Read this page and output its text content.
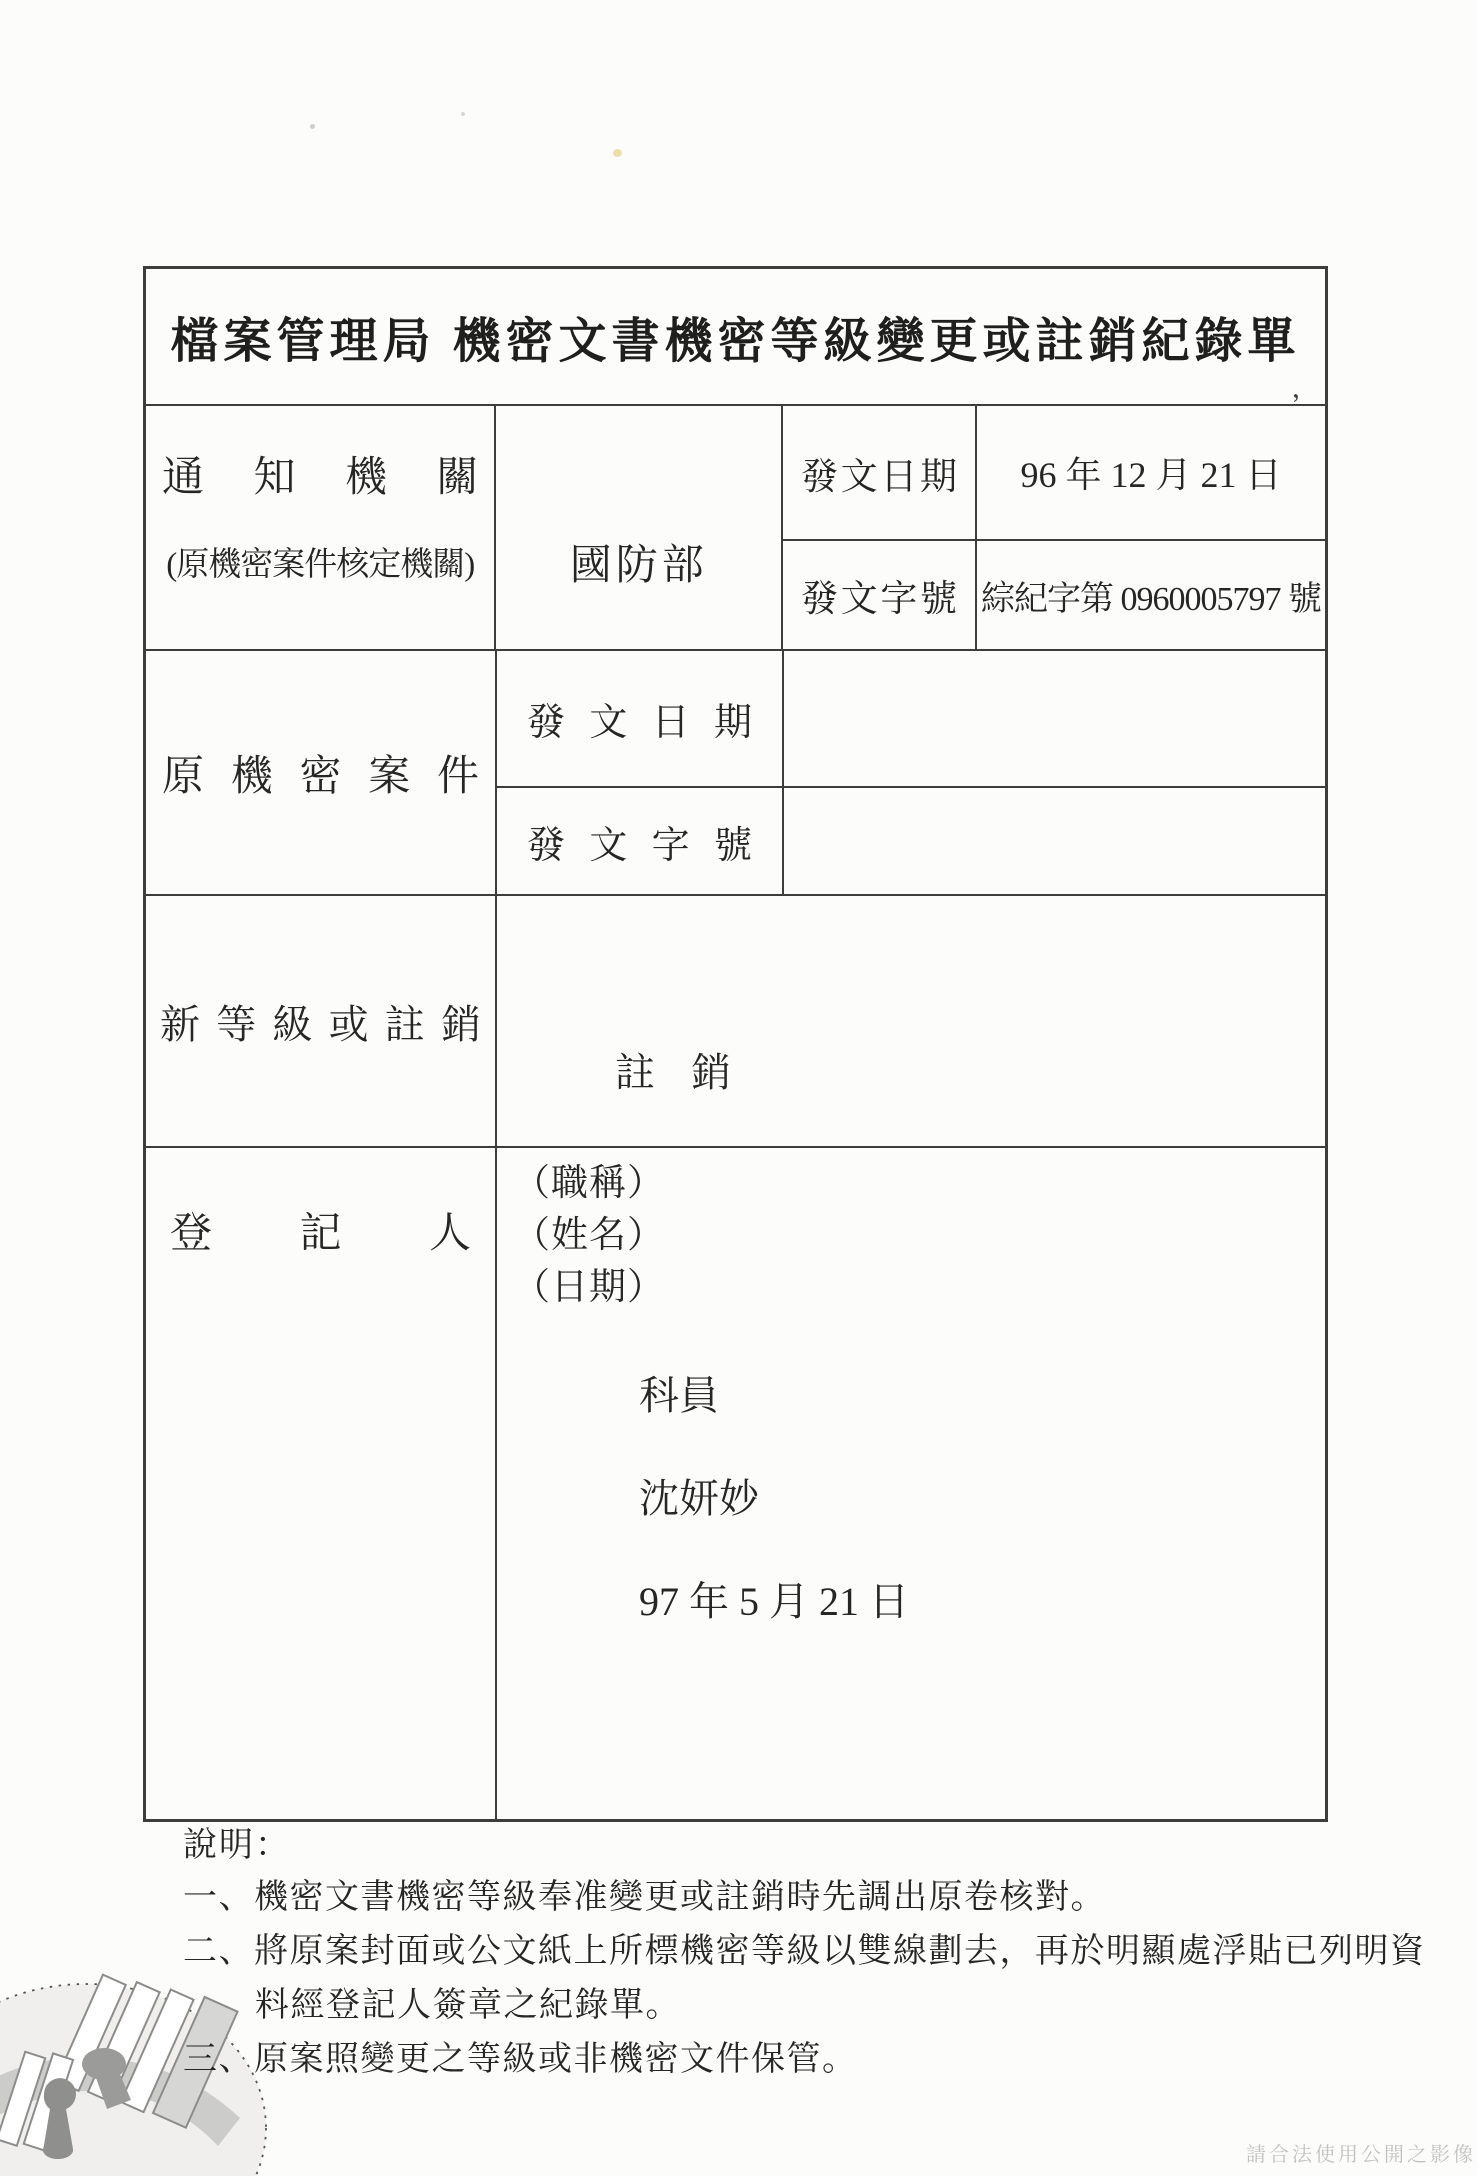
檔案管理局 機密文書機密等級變更或註銷紀錄單
通 知 機 關
(原機密案件核定機關)	國防部
發 文 日 期 96 年 12 月 21 日
發 文 字 號 綜紀字第 0960005797 號
原 機 密 案 件
發 文 日 期
發 文 字 號
新 等 級 或 註 銷
註 銷
登 記 人
（職稱）
（姓名）
（日期）
科員
沈妍妙
97 年 5 月 21 日
’
說明：
一、機密文書機密等級奉准變更或註銷時先調出原卷核對。
二、將原案封面或公文紙上所標機密等級以雙線劃去，再於明顯處浮貼已列明資
料經登記人簽章之紀錄單。
三、原案照變更之等級或非機密文件保管。
請合法使用公開之影像
